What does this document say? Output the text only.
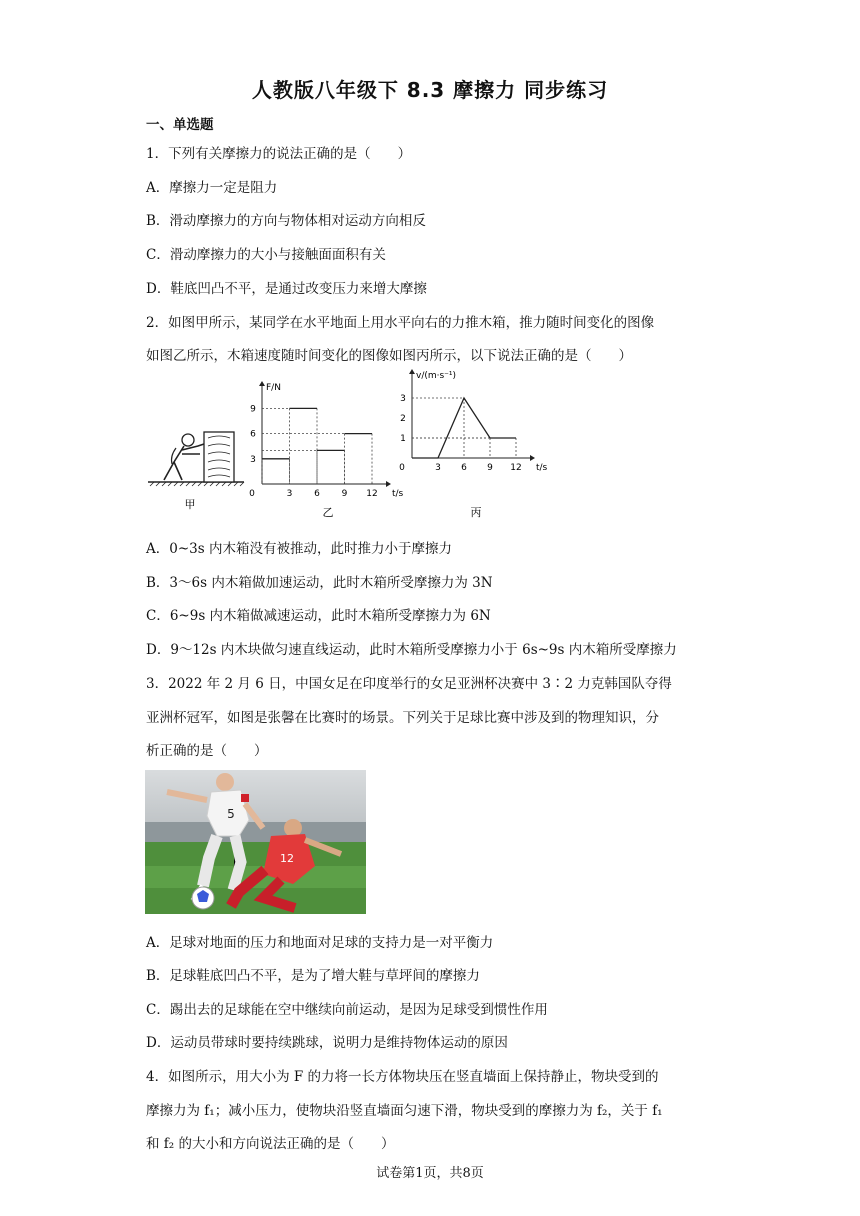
人教版八年级下 8.3 摩擦力 同步练习
一、单选题
1．下列有关摩擦力的说法正确的是（　　）
A．摩擦力一定是阻力
B．滑动摩擦力的方向与物体相对运动方向相反
C．滑动摩擦力的大小与接触面面积有关
D．鞋底凹凸不平，是通过改变压力来增大摩擦
2．如图甲所示，某同学在水平地面上用水平向右的力推木箱，推力随时间变化的图像
如图乙所示，木箱速度随时间变化的图像如图丙所示，以下说法正确的是（　　）
甲
F/N
t/s
0	3 6 9 12
3
6
9
乙
v/(m·s⁻¹)
t/s
0	3 6 9 12
1
2
3
丙
A．0~3s 内木箱没有被推动，此时推力小于摩擦力
B．3～6s 内木箱做加速运动，此时木箱所受摩擦力为 3N
C．6~9s 内木箱做减速运动，此时木箱所受摩擦力为 6N
D．9～12s 内木块做匀速直线运动，此时木箱所受摩擦力小于 6s~9s 内木箱所受摩擦力
3．2022 年 2 月 6 日，中国女足在印度举行的女足亚洲杯决赛中 3∶2 力克韩国队夺得
亚洲杯冠军，如图是张馨在比赛时的场景。下列关于足球比赛中涉及到的物理知识，分
析正确的是（　　）
5
12
A．足球对地面的压力和地面对足球的支持力是一对平衡力
B．足球鞋底凹凸不平，是为了增大鞋与草坪间的摩擦力
C．踢出去的足球能在空中继续向前运动，是因为足球受到惯性作用
D．运动员带球时要持续跳球，说明力是维持物体运动的原因
4．如图所示，用大小为 F 的力将一长方体物块压在竖直墙面上保持静止，物块受到的
摩擦力为 f₁；减小压力，使物块沿竖直墙面匀速下滑，物块受到的摩擦力为 f₂，关于 f₁
和 f₂ 的大小和方向说法正确的是（　　）
试卷第1页，共8页
